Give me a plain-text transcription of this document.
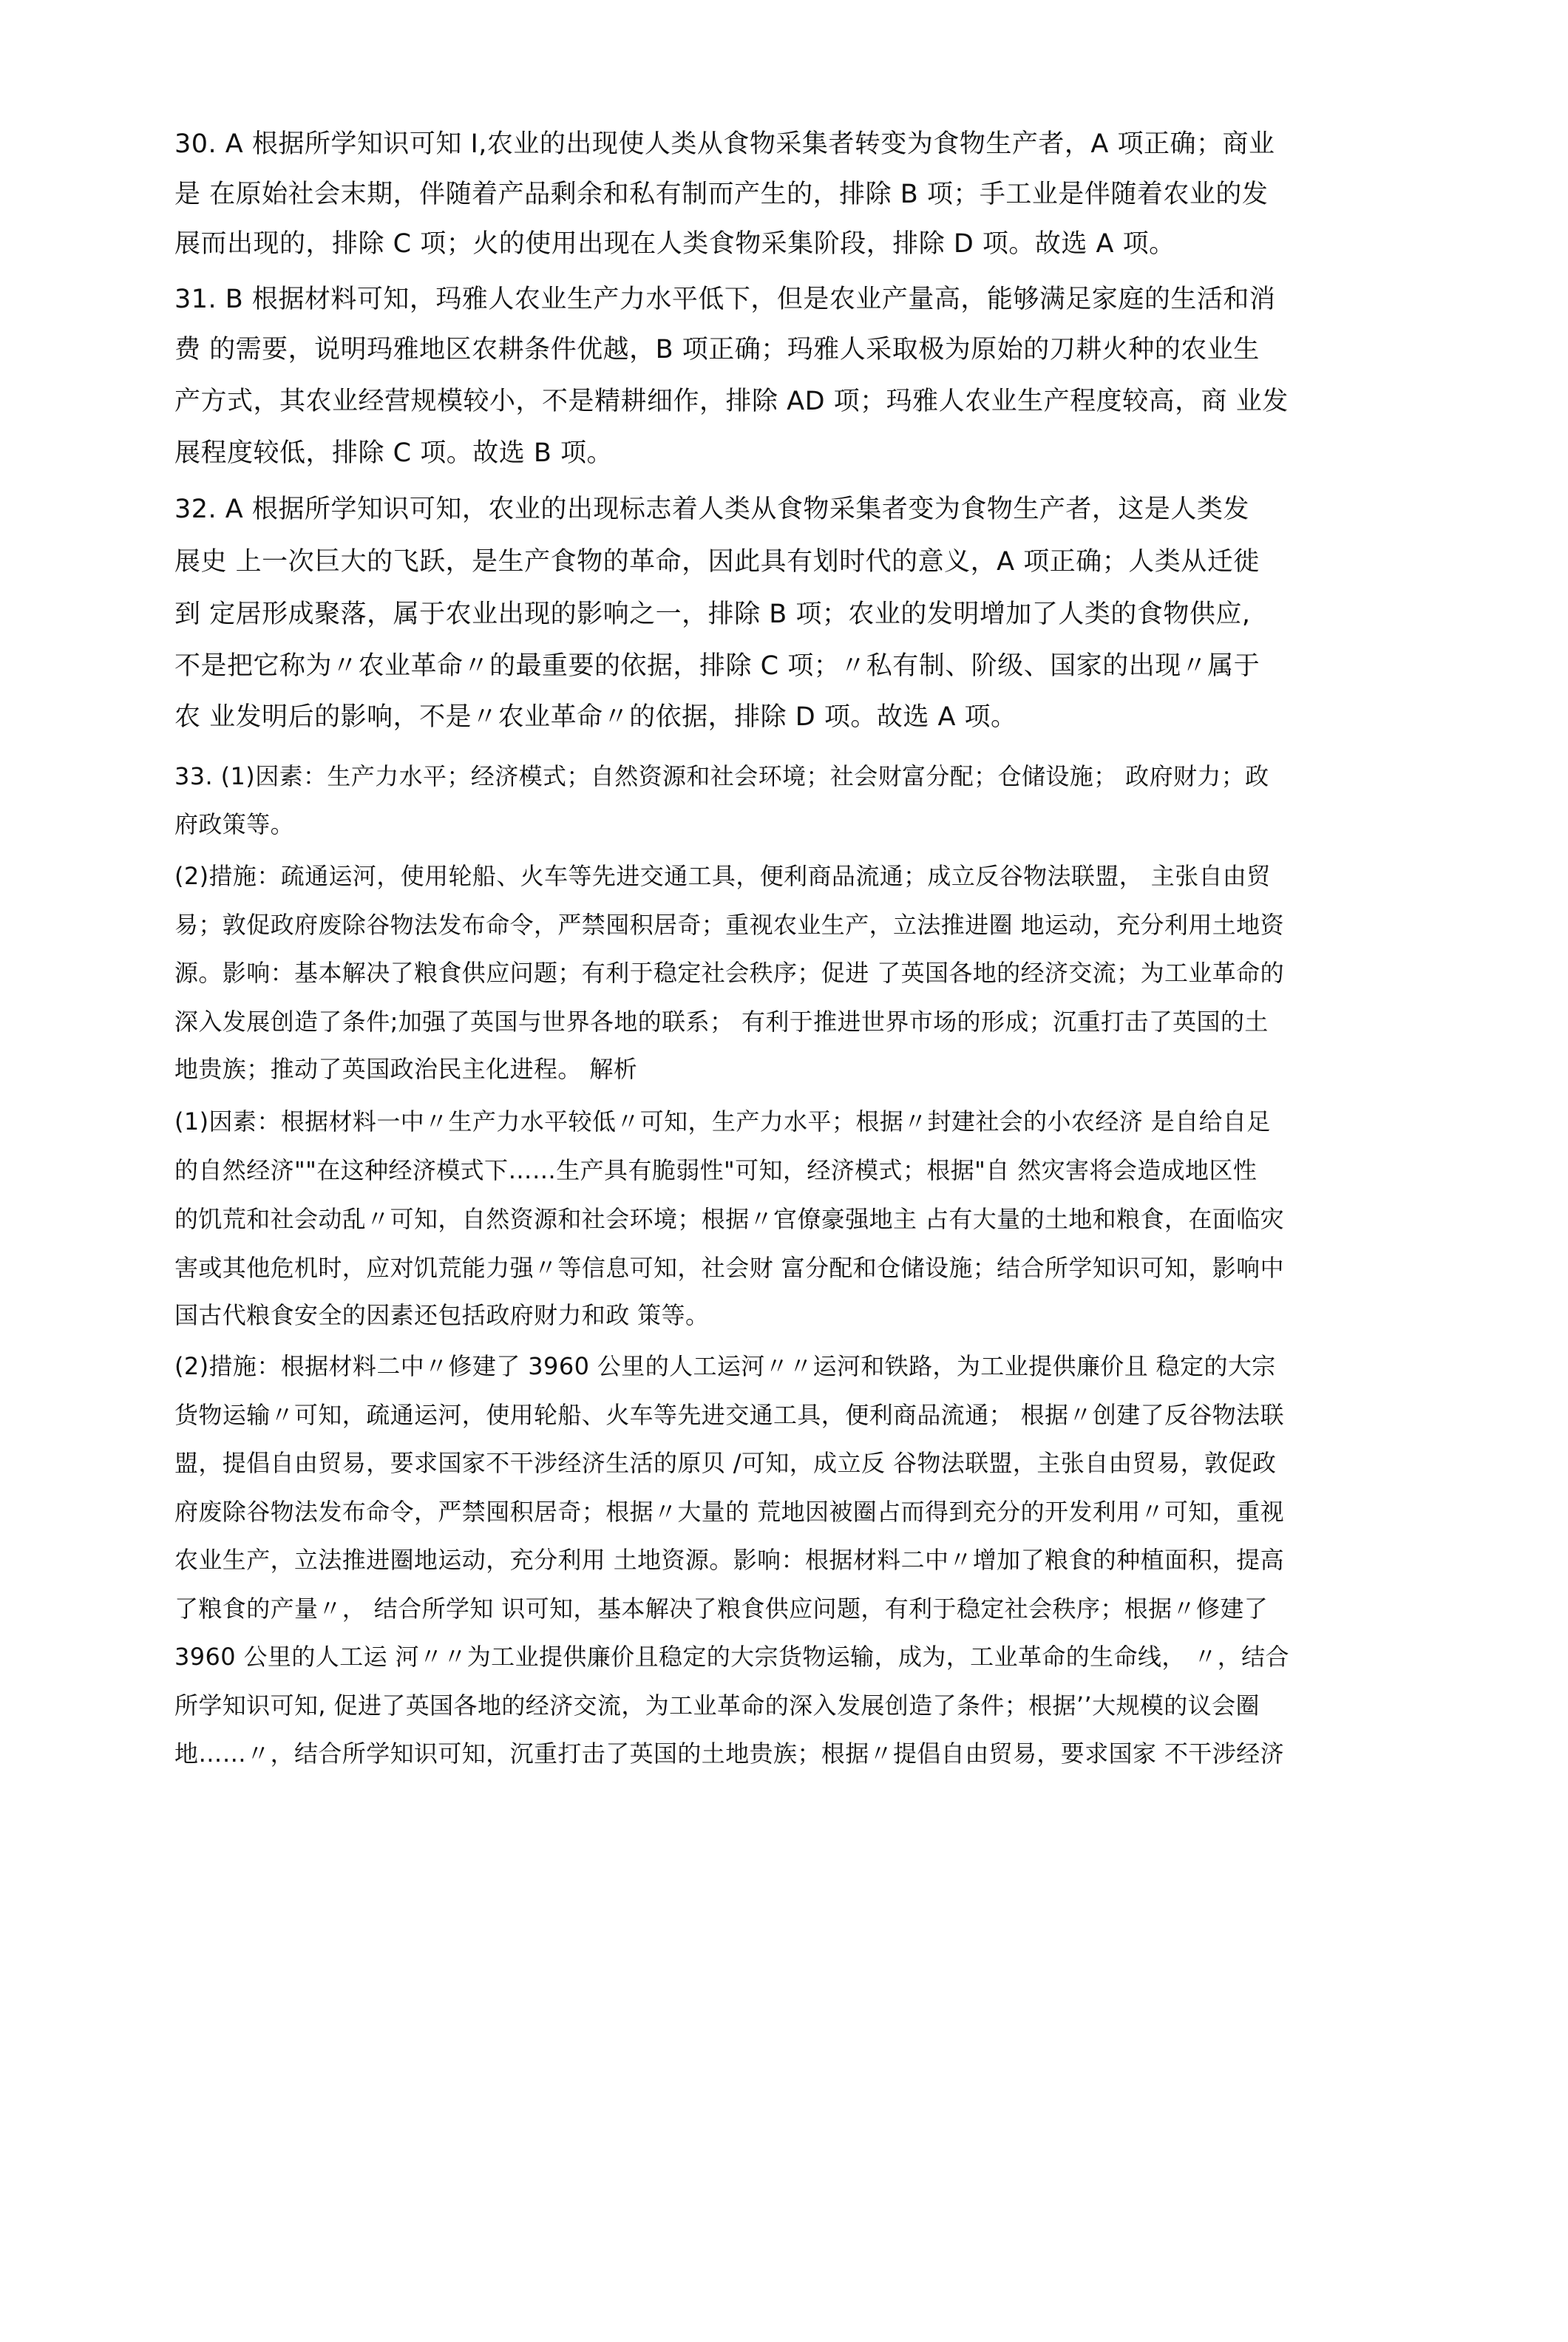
30. A 根据所学知识可知 I,农业的出现使人类从食物采集者转变为食物生产者，A 项正确；商业
是 在原始社会末期，伴随着产品剩余和私有制而产生的，排除 B 项；手工业是伴随着农业的发
展而出现的，排除 C 项；火的使用出现在人类食物采集阶段，排除 D 项。故选 A 项。
31. B 根据材料可知，玛雅人农业生产力水平低下，但是农业产量高，能够满足家庭的生活和消
费 的需要，说明玛雅地区农耕条件优越，B 项正确；玛雅人采取极为原始的刀耕火种的农业生
产方式，其农业经营规模较小，不是精耕细作，排除 AD 项；玛雅人农业生产程度较高，商 业发
展程度较低，排除 C 项。故选 B 项。
32. A 根据所学知识可知，农业的出现标志着人类从食物采集者变为食物生产者，这是人类发
展史 上一次巨大的飞跃，是生产食物的革命，因此具有划时代的意义，A 项正确；人类从迁徙
到 定居形成聚落，属于农业出现的影响之一，排除 B 项；农业的发明增加了人类的食物供应,
不是把它称为〃农业革命〃的最重要的依据，排除 C 项；〃私有制、阶级、国家的出现〃属于
农 业发明后的影响，不是〃农业革命〃的依据，排除 D 项。故选 A 项。
33. (1)因素：生产力水平；经济模式；自然资源和社会环境；社会财富分配；仓储设施； 政府财力；政
府政策等。
(2)措施：疏通运河，使用轮船、火车等先进交通工具，便利商品流通；成立反谷物法联盟， 主张自由贸
易；敦促政府废除谷物法发布命令，严禁囤积居奇；重视农业生产，立法推进圈 地运动，充分利用土地资
源。影响：基本解决了粮食供应问题；有利于稳定社会秩序；促进 了英国各地的经济交流；为工业革命的
深入发展创造了条件;加强了英国与世界各地的联系； 有利于推进世界市场的形成；沉重打击了英国的土
地贵族；推动了英国政治民主化进程。 解析
(1)因素：根据材料一中〃生产力水平较低〃可知，生产力水平；根据〃封建社会的小农经济 是自给自足
的自然经济""在这种经济模式下……生产具有脆弱性"可知，经济模式；根据"自 然灾害将会造成地区性
的饥荒和社会动乱〃可知，自然资源和社会环境；根据〃官僚豪强地主 占有大量的土地和粮食，在面临灾
害或其他危机时，应对饥荒能力强〃等信息可知，社会财 富分配和仓储设施；结合所学知识可知，影响中
国古代粮食安全的因素还包括政府财力和政 策等。
(2)措施：根据材料二中〃修建了 3960 公里的人工运河〃〃运河和铁路，为工业提供廉价且 稳定的大宗
货物运输〃可知，疏通运河，使用轮船、火车等先进交通工具，便利商品流通； 根据〃创建了反谷物法联
盟，提倡自由贸易，要求国家不干涉经济生活的原贝 /可知，成立反 谷物法联盟，主张自由贸易，敦促政
府废除谷物法发布命令，严禁囤积居奇；根据〃大量的 荒地因被圈占而得到充分的开发利用〃可知，重视
农业生产，立法推进圈地运动，充分利用 土地资源。影响：根据材料二中〃增加了粮食的种植面积，提高
了粮食的产量〃， 结合所学知 识可知，基本解决了粮食供应问题，有利于稳定社会秩序；根据〃修建了
3960 公里的人工运 河〃〃为工业提供廉价且稳定的大宗货物运输，成为，工业革命的生命线， 〃，结合
所学知识可知, 促进了英国各地的经济交流，为工业革命的深入发展创造了条件；根据’’大规模的议会圈
地……〃，结合所学知识可知，沉重打击了英国的土地贵族；根据〃提倡自由贸易，要求国家 不干涉经济
